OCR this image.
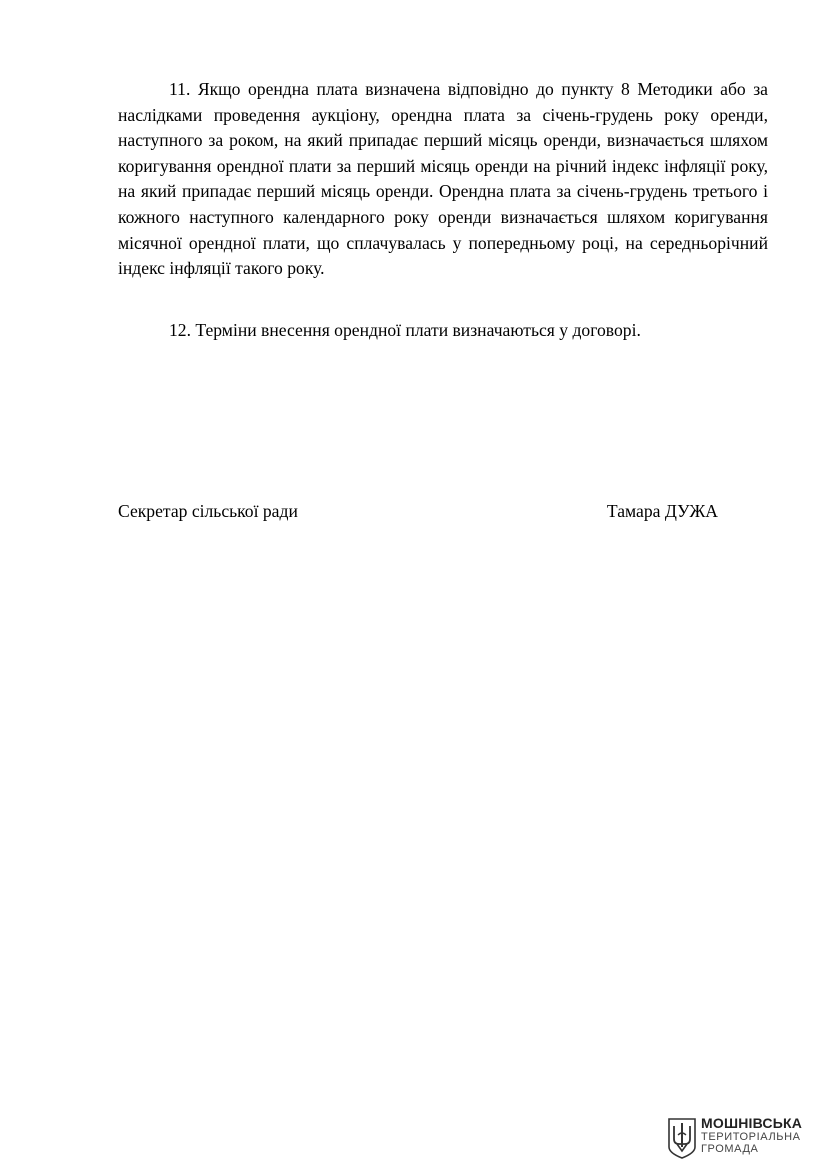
11. Якщо орендна плата визначена відповідно до пункту 8 Методики або за наслідками проведення аукціону, орендна плата за січень-грудень року оренди, наступного за роком, на який припадає перший місяць оренди, визначається шляхом коригування орендної плати за перший місяць оренди на річний індекс інфляції року, на який припадає перший місяць оренди. Орендна плата за січень-грудень третього і кожного наступного календарного року оренди визначається шляхом коригування місячної орендної плати, що сплачувалась у попередньому році, на середньорічний індекс інфляції такого року.

12. Терміни внесення орендної плати визначаються у договорі.

Секретар сільської ради	Тамара ДУЖА
МОШНІВСЬКА
ТЕРИТОРІАЛЬНА
ГРОМАДА
